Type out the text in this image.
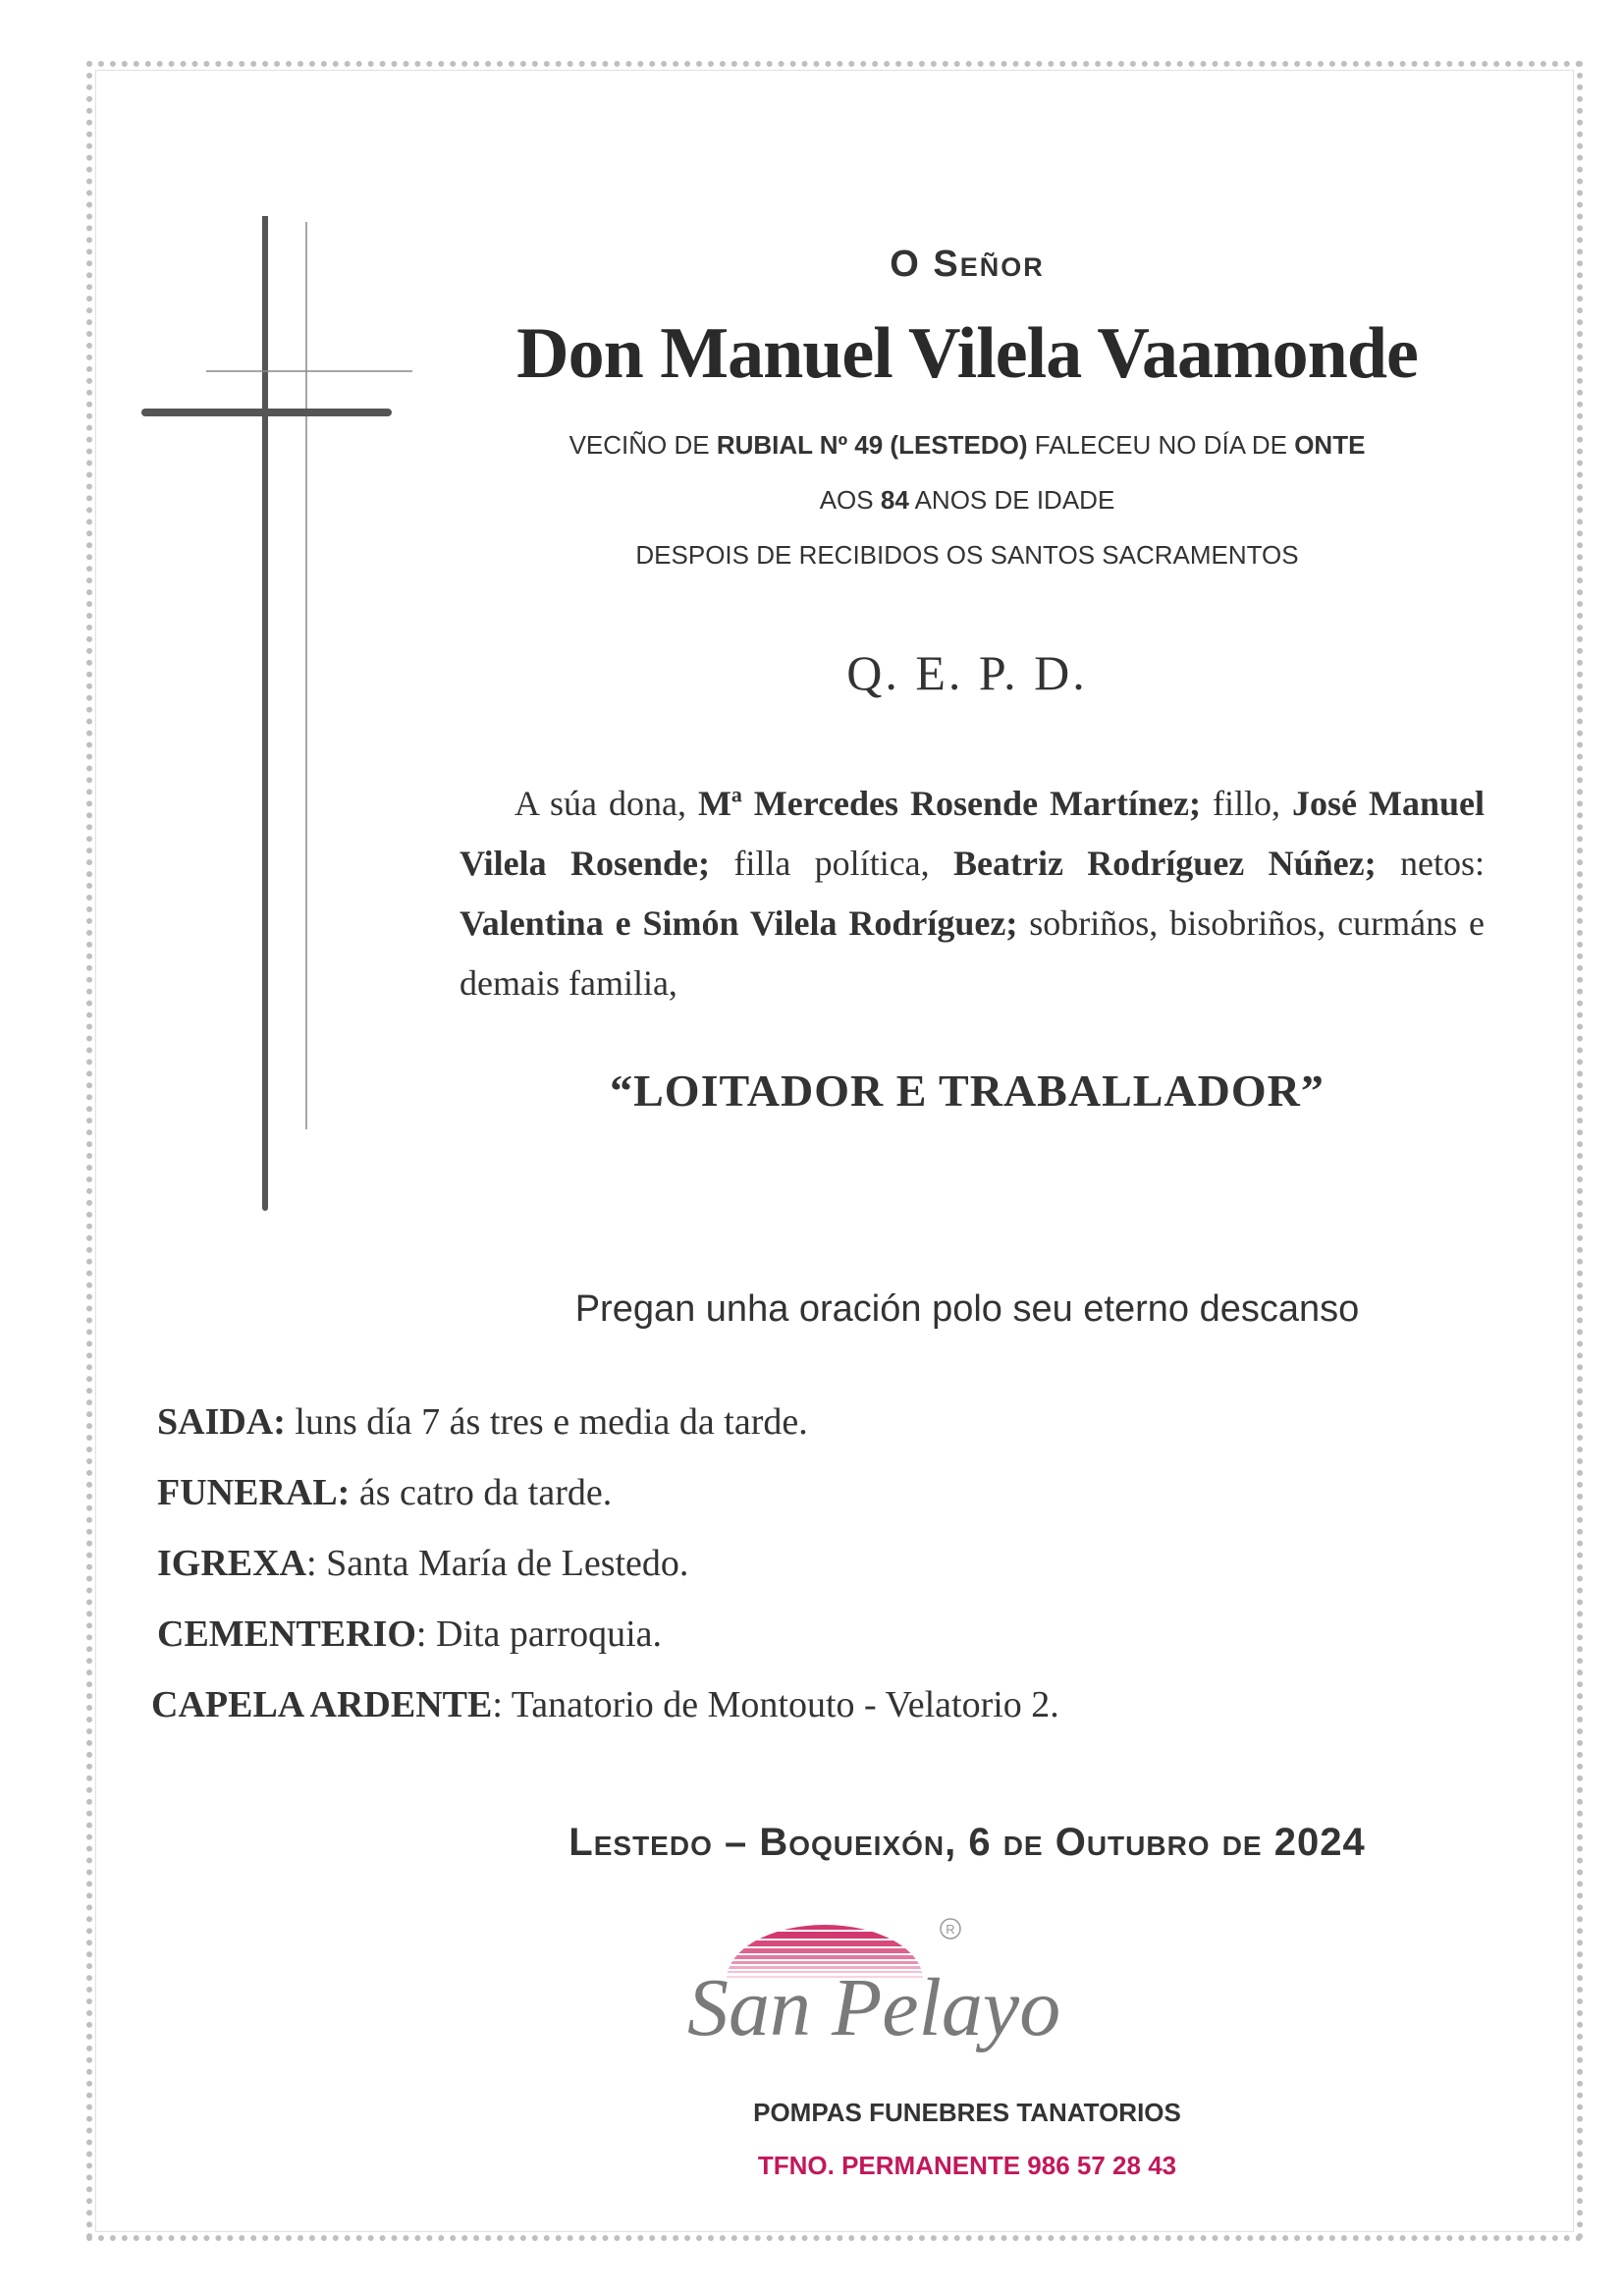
O Señor
Don Manuel Vilela Vaamonde
VECIÑO DE RUBIAL Nº 49 (LESTEDO) FALECEU NO DÍA DE ONTE
AOS 84 ANOS DE IDADE
DESPOIS DE RECIBIDOS OS SANTOS SACRAMENTOS
Q. E. P. D.

A súa dona, Mª Mercedes Rosende Martínez; fillo, José Manuel Vilela Rosende; filla política, Beatriz Rodríguez Núñez; netos: Valentina e Simón Vilela Rodríguez; sobriños, bisobriños, curmáns e demais familia,

“LOITADOR E TRABALLADOR”
Pregan unha oración polo seu eterno descanso
SAIDA: luns día 7 ás tres e media da tarde.
FUNERAL: ás catro da tarde.
IGREXA: Santa María de Lestedo.
CEMENTERIO: Dita parroquia.
CAPELA ARDENTE: Tanatorio de Montouto - Velatorio 2.
Lestedo – Boqueixón, 6 de Outubro de 2024
R
San Pelayo
POMPAS FUNEBRES TANATORIOS
TFNO. PERMANENTE 986 57 28 43
